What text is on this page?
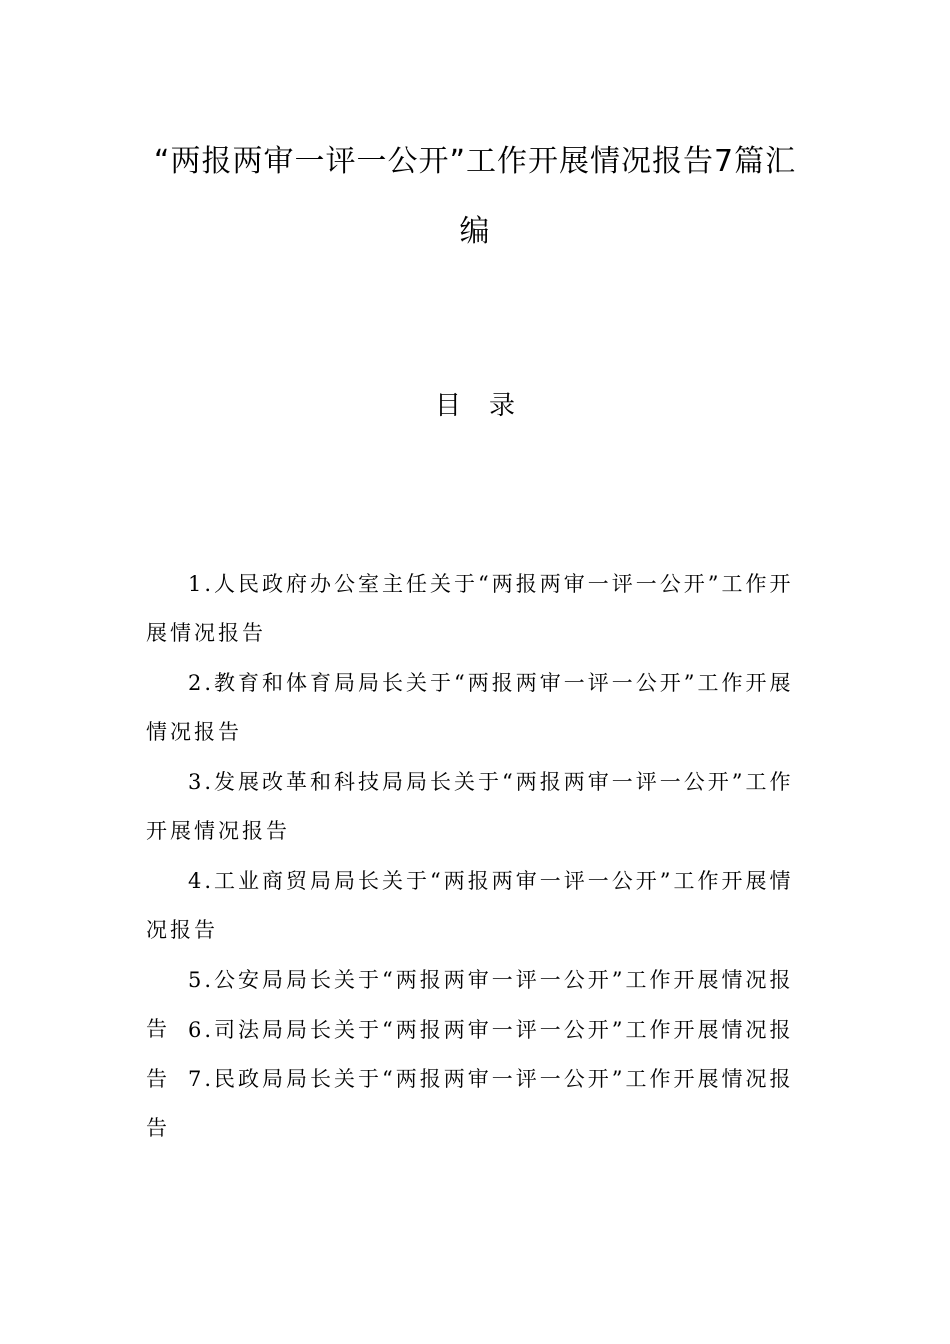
“两报两审一评一公开”工作开展情况报告7篇汇
编
目录
1.人民政府办公室主任关于“两报两审一评一公开”工作开展情况报告
2.教育和体育局局长关于“两报两审一评一公开”工作开展情况报告
3.发展改革和科技局局长关于“两报两审一评一公开”工作开展情况报告
4.工业商贸局局长关于“两报两审一评一公开”工作开展情况报告
5.公安局局长关于“两报两审一评一公开”工作开展情况报告 6.司法局局长关于“两报两审一评一公开”工作开展情况报告 7.民政局局长关于“两报两审一评一公开”工作开展情况报告
